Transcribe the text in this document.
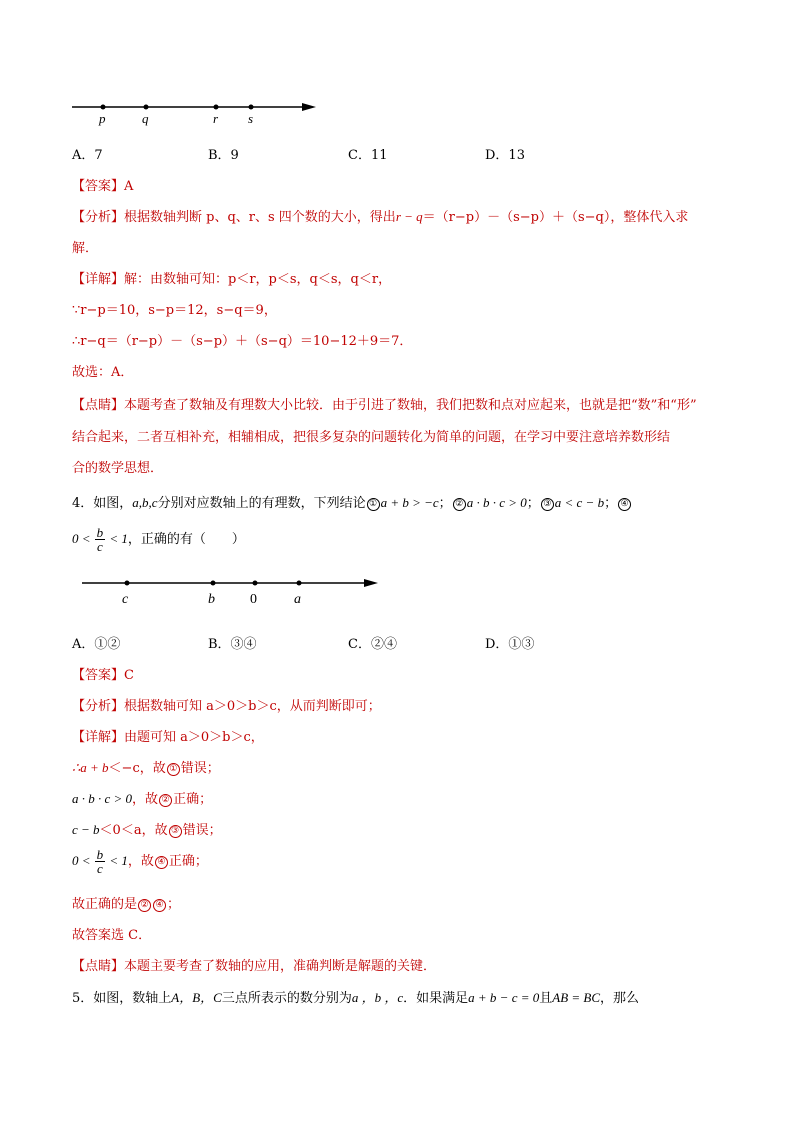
p	q	r s
A．7	B．9	C．11	D．13
【答案】A
【分析】根据数轴判断 p、q、r、s 四个数的大小，得出r − q＝（r−p）－（s−p）＋（s−q），整体代入求
解．
【详解】解：由数轴可知：p＜r，p＜s，q＜s，q＜r，
∵r−p＝10，s−p＝12，s−q＝9，
∴r−q＝（r−p）－（s−p）＋（s−q）＝10−12＋9＝7．
故选：A．
【点睛】本题考查了数轴及有理数大小比较．由于引进了数轴，我们把数和点对应起来，也就是把“数”和“形”
结合起来，二者互相补充，相辅相成，把很多复杂的问题转化为简单的问题，在学习中要注意培养数形结
合的数学思想．
4．如图，a,b,c分别对应数轴上的有理数，下列结论 ① a + b > −c； ② a · b · c > 0； ③ a < c − b； ④
$0 < \frac{b}{c} < 1$，正确的有（　　）
c	b	0	a
A．①②	B．③④	C．②④	D．①③
【答案】C
【分析】根据数轴可知 a＞0＞b＞c，从而判断即可；
【详解】由题可知 a＞0＞b＞c，
∴a + b＜−c，故 ① 错误；
a · b · c > 0，故 ② 正确；
c − b＜0＜a，故 ③ 错误；
$0 < \frac{b}{c} < 1$，故 ④ 正确；
故正确的是 ② ④ ；
故答案选 C．
【点睛】本题主要考查了数轴的应用，准确判断是解题的关键．
5．如图，数轴上A，B，C三点所表示的数分别为a ，b ，c．如果满足a + b − c = 0且AB = BC，那么
